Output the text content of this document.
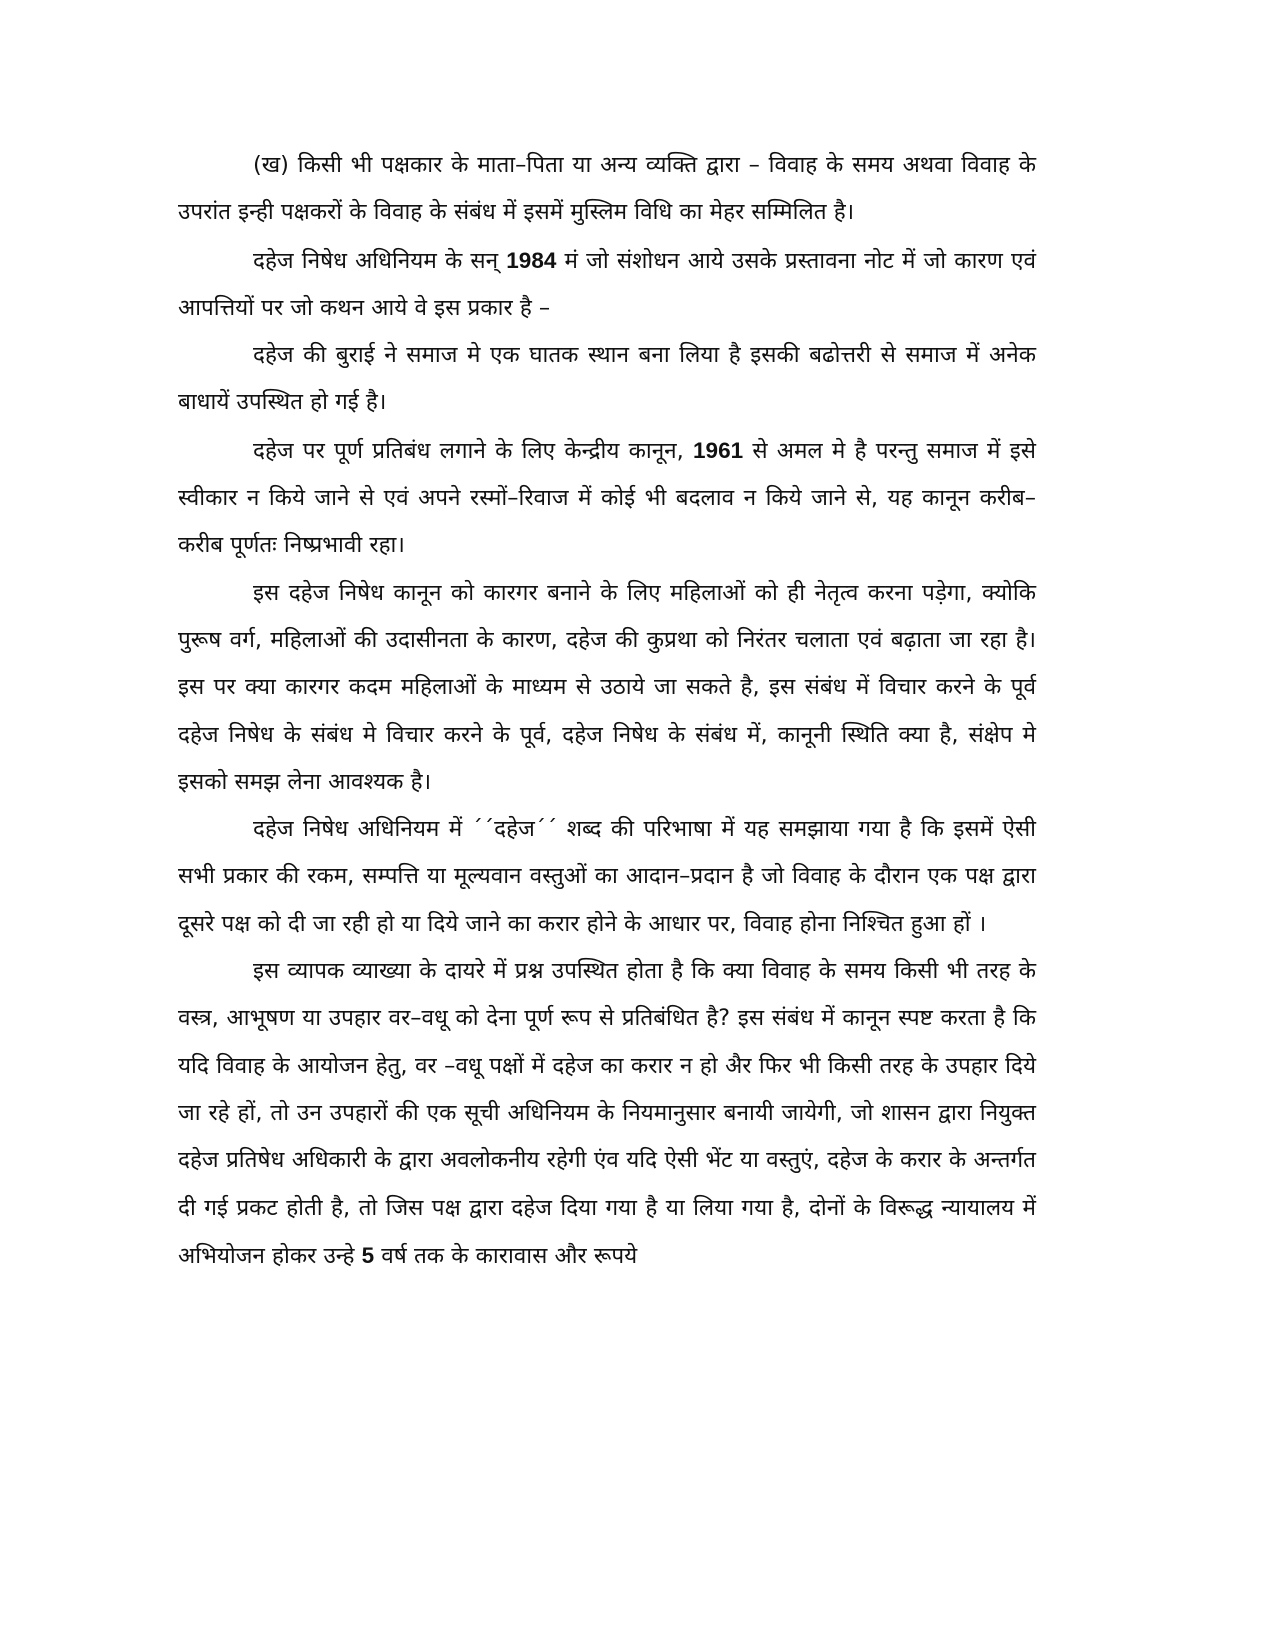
(ख) किसी भी पक्षकार के माता–पिता या अन्य व्यक्ति द्वारा – विवाह के समय अथवा विवाह के उपरांत इन्ही पक्षकरों के विवाह के संबंध में इसमें मुस्लिम विधि का मेहर सम्मिलित है।

दहेज निषेध अधिनियम के सन् 1984 मं जो संशोधन आये उसके प्रस्तावना नोट में जो कारण एवं आपत्तियों पर जो कथन आये वे इस प्रकार है –

दहेज की बुराई ने समाज मे एक घातक स्थान बना लिया है इसकी बढोत्तरी से समाज में अनेक बाधायें उपस्थित हो गई है।

दहेज पर पूर्ण प्रतिबंध लगाने के लिए केन्द्रीय कानून, 1961 से अमल मे है परन्तु समाज में इसे स्वीकार न किये जाने से एवं अपने रस्मों–रिवाज में कोई भी बदलाव न किये जाने से, यह कानून करीब–करीब पूर्णतः निष्प्रभावी रहा।

इस दहेज निषेध कानून को कारगर बनाने के लिए महिलाओं को ही नेतृत्व करना पड़ेगा, क्योकि पुरूष वर्ग, महिलाओं की उदासीनता के कारण, दहेज की कुप्रथा को निरंतर चलाता एवं बढ़ाता जा रहा है। इस पर क्या कारगर कदम महिलाओं के माध्यम से उठाये जा सकते है, इस संबंध में विचार करने के पूर्व दहेज निषेध के संबंध मे विचार करने के पूर्व, दहेज निषेध के संबंध में, कानूनी स्थिति क्या है, संक्षेप मे इसको समझ लेना आवश्यक है।

दहेज निषेध अधिनियम में ´´दहेज´´ शब्द की परिभाषा में यह समझाया गया है कि इसमें ऐसी सभी प्रकार की रकम, सम्पत्ति या मूल्यवान वस्तुओं का आदान–प्रदान है जो विवाह के दौरान एक पक्ष द्वारा दूसरे पक्ष को दी जा रही हो या दिये जाने का करार होने के आधार पर, विवाह होना निश्चित हुआ हों ।

इस व्यापक व्याख्या के दायरे में प्रश्न उपस्थित होता है कि क्या विवाह के समय किसी भी तरह के वस्त्र, आभूषण या उपहार वर–वधू को देना पूर्ण रूप से प्रतिबंधित है? इस संबंध में कानून स्पष्ट करता है कि यदि विवाह के आयोजन हेतु, वर –वधू पक्षों में दहेज का करार न हो अैर फिर भी किसी तरह के उपहार दिये जा रहे हों, तो उन उपहारों की एक सूची अधिनियम के नियमानुसार बनायी जायेगी, जो शासन द्वारा नियुक्त दहेज प्रतिषेध अधिकारी के द्वारा अवलोकनीय रहेगी एंव यदि ऐसी भेंट या वस्तुएं, दहेज के करार के अन्तर्गत दी गई प्रकट होती है, तो जिस पक्ष द्वारा दहेज दिया गया है या लिया गया है, दोनों के विरूद्ध न्यायालय में अभियोजन होकर उन्हे 5 वर्ष तक के कारावास और रूपये
